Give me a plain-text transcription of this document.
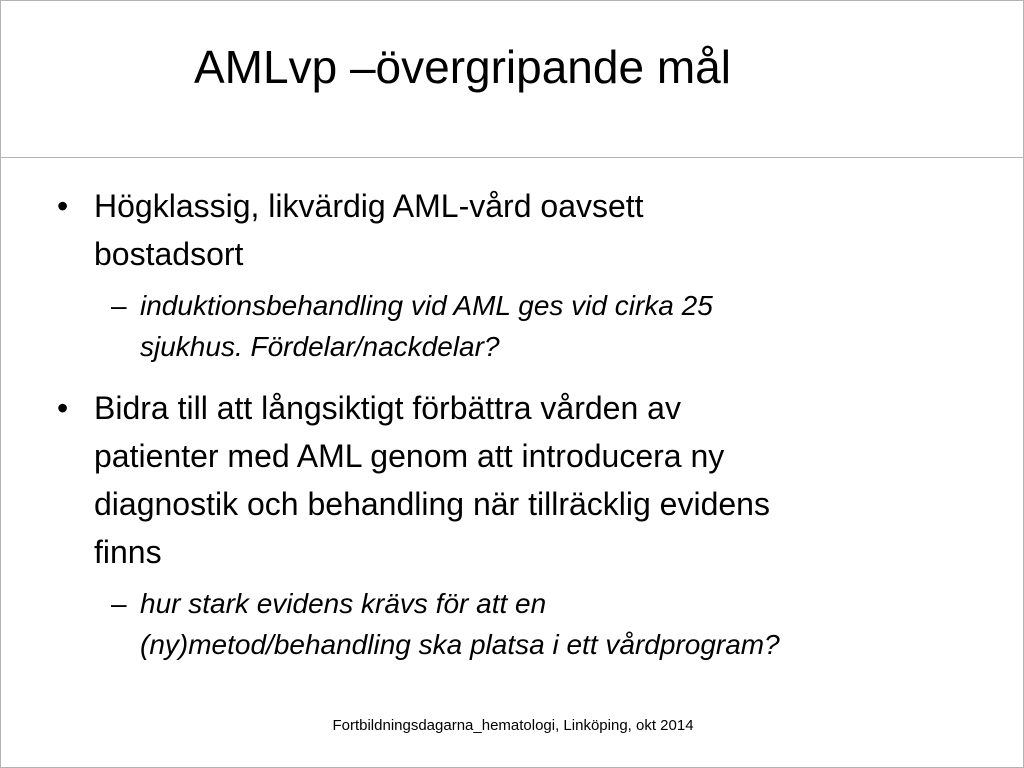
AMLvp –övergripande mål
• Högklassig, likvärdig AML-vård oavsett
bostadsort
– induktionsbehandling vid AML ges vid cirka 25
sjukhus. Fördelar/nackdelar?
• Bidra till att långsiktigt förbättra vården av
patienter med AML genom att introducera ny
diagnostik och behandling när tillräcklig evidens
finns
– hur stark evidens krävs för att en
(ny)metod/behandling ska platsa i ett vårdprogram?
Fortbildningsdagarna_hematologi, Linköping, okt 2014
